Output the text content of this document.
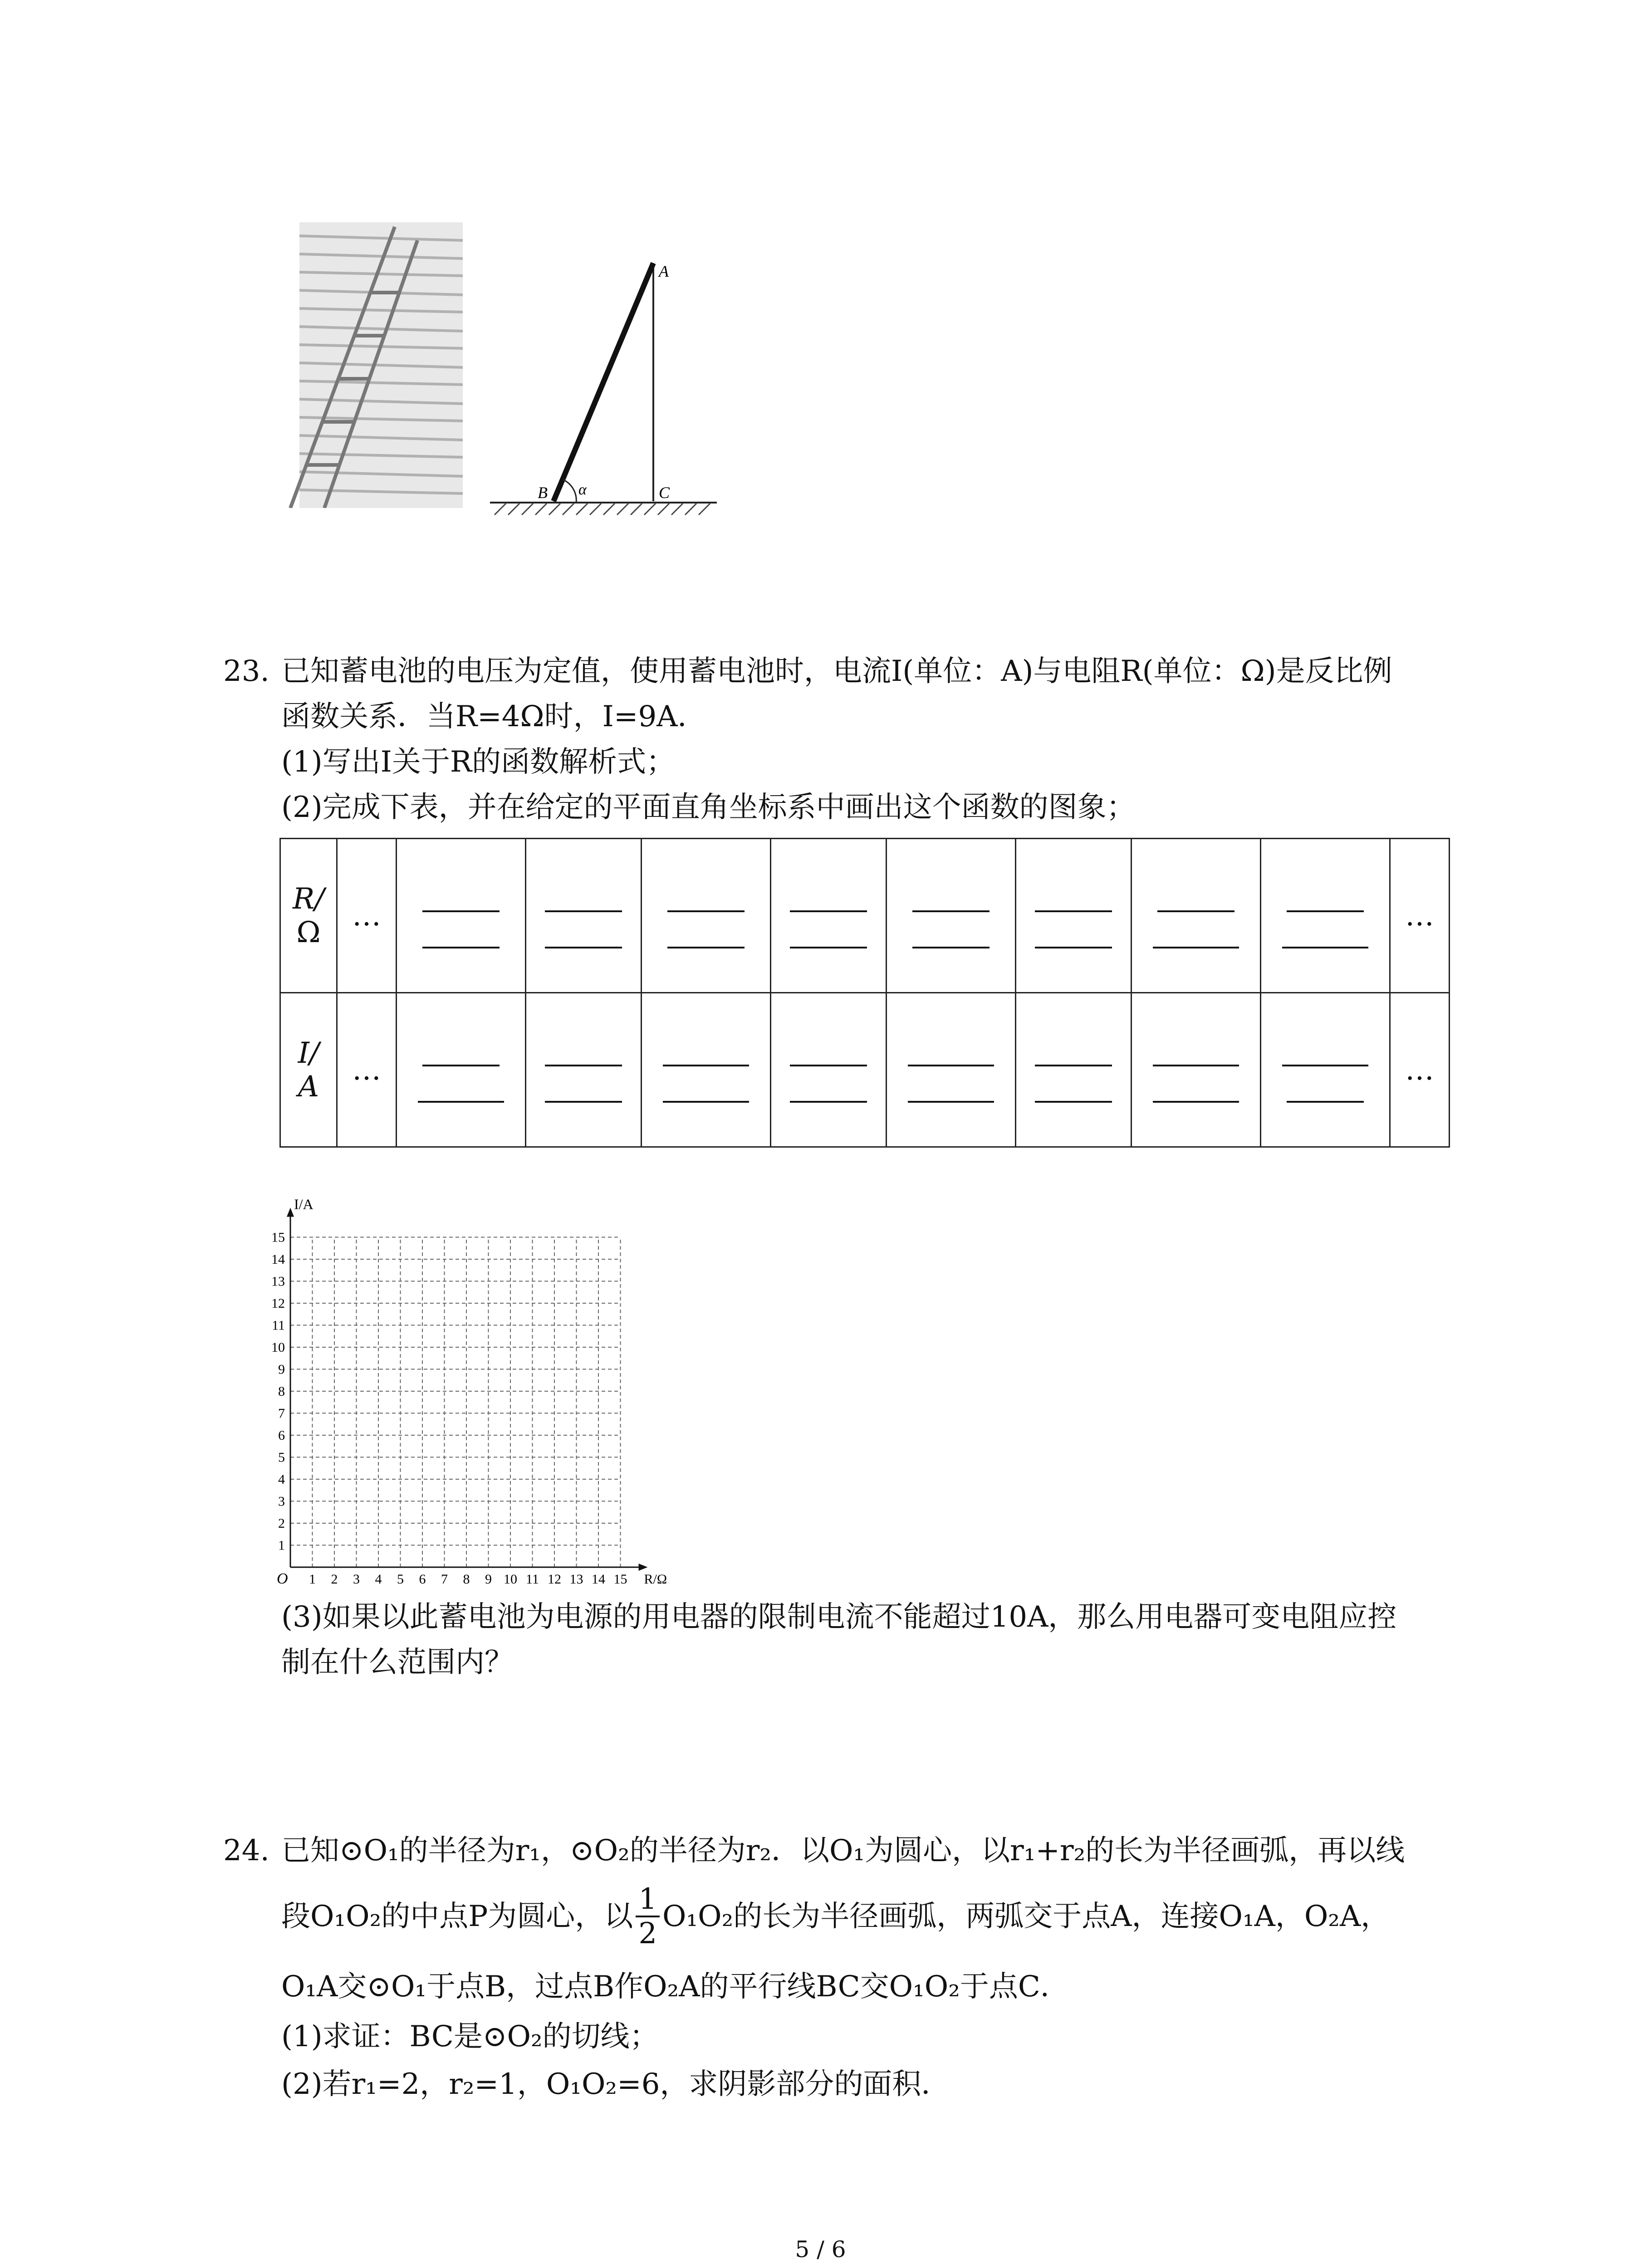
A
B	C
α
23. 已知蓄电池的电压为定值，使用蓄电池时，电流I(单位：A)与电阻R(单位：Ω)是反比例
函数关系．当R=4Ω时，I=9A．
(1)写出I关于R的函数解析式；
(2)完成下表，并在给定的平面直角坐标系中画出这个函数的图象；
R/
Ω	…									…

I/
A	…									…
1 2 3 4 5 6 7 8 9 10 11 12 13 14 15
1
2
3
4
5
6
7
8
9
10
11
12
13
14
15
O
I/A
R/Ω
(3)如果以此蓄电池为电源的用电器的限制电流不能超过10A，那么用电器可变电阻应控
制在什么范围内？
24. 已知⊙O₁的半径为r₁，⊙O₂的半径为r₂．以O₁为圆心，以r₁+r₂的长为半径画弧，再以线
段O₁O₂的中点P为圆心，以 $\frac{1}{2} O_1O_2$的长为半径画弧，两弧交于点A，连接O₁A，O₂A，
O₁A交⊙O₁于点B，过点B作O₂A的平行线BC交O₁O₂于点C．
(1)求证：BC是⊙O₂的切线；
(2)若r₁=2，r₂=1，O₁O₂=6，求阴影部分的面积．
5 / 6
